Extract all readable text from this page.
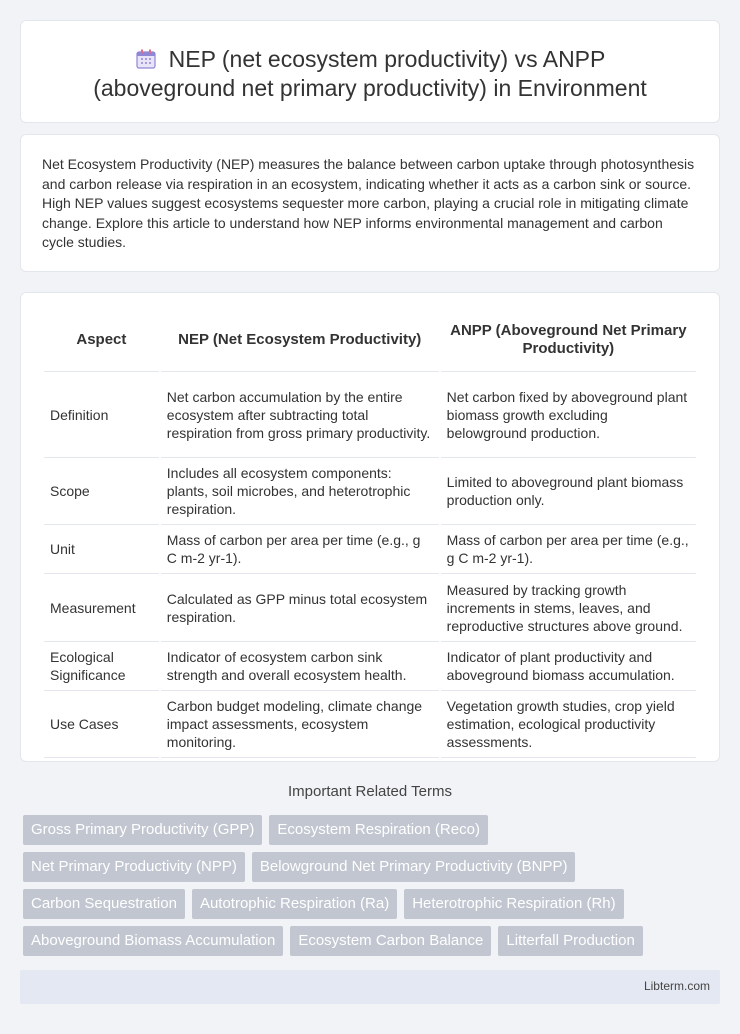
NEP (net ecosystem productivity) vs ANPP
(aboveground net primary productivity) in Environment

Net Ecosystem Productivity (NEP) measures the balance between carbon uptake through photosynthesis and carbon release via respiration in an ecosystem, indicating whether it acts as a carbon sink or source. High NEP values suggest ecosystems sequester more carbon, playing a crucial role in mitigating climate change. Explore this article to understand how NEP informs environmental management and carbon cycle studies.

Aspect	NEP (Net Ecosystem Productivity)	ANPP (Aboveground Net Primary Productivity)
Definition	Net carbon accumulation by the entire ecosystem after subtracting total respiration from gross primary productivity.	Net carbon fixed by aboveground plant biomass growth excluding belowground production.
Scope	Includes all ecosystem components: plants, soil microbes, and heterotrophic respiration.	Limited to aboveground plant biomass production only.
Unit	Mass of carbon per area per time (e.g., g C m-2 yr-1).	Mass of carbon per area per time (e.g., g C m-2 yr-1).
Measurement	Calculated as GPP minus total ecosystem respiration.	Measured by tracking growth increments in stems, leaves, and reproductive structures above ground.
Ecological Significance	Indicator of ecosystem carbon sink strength and overall ecosystem health.	Indicator of plant productivity and aboveground biomass accumulation.
Use Cases	Carbon budget modeling, climate change impact assessments, ecosystem monitoring.	Vegetation growth studies, crop yield estimation, ecological productivity assessments.
Important Related Terms
Gross Primary Productivity (GPP)	Ecosystem Respiration (Reco)
Net Primary Productivity (NPP)	Belowground Net Primary Productivity (BNPP)
Carbon Sequestration	Autotrophic Respiration (Ra)	Heterotrophic Respiration (Rh)
Aboveground Biomass Accumulation	Ecosystem Carbon Balance	Litterfall Production
Libterm.com
